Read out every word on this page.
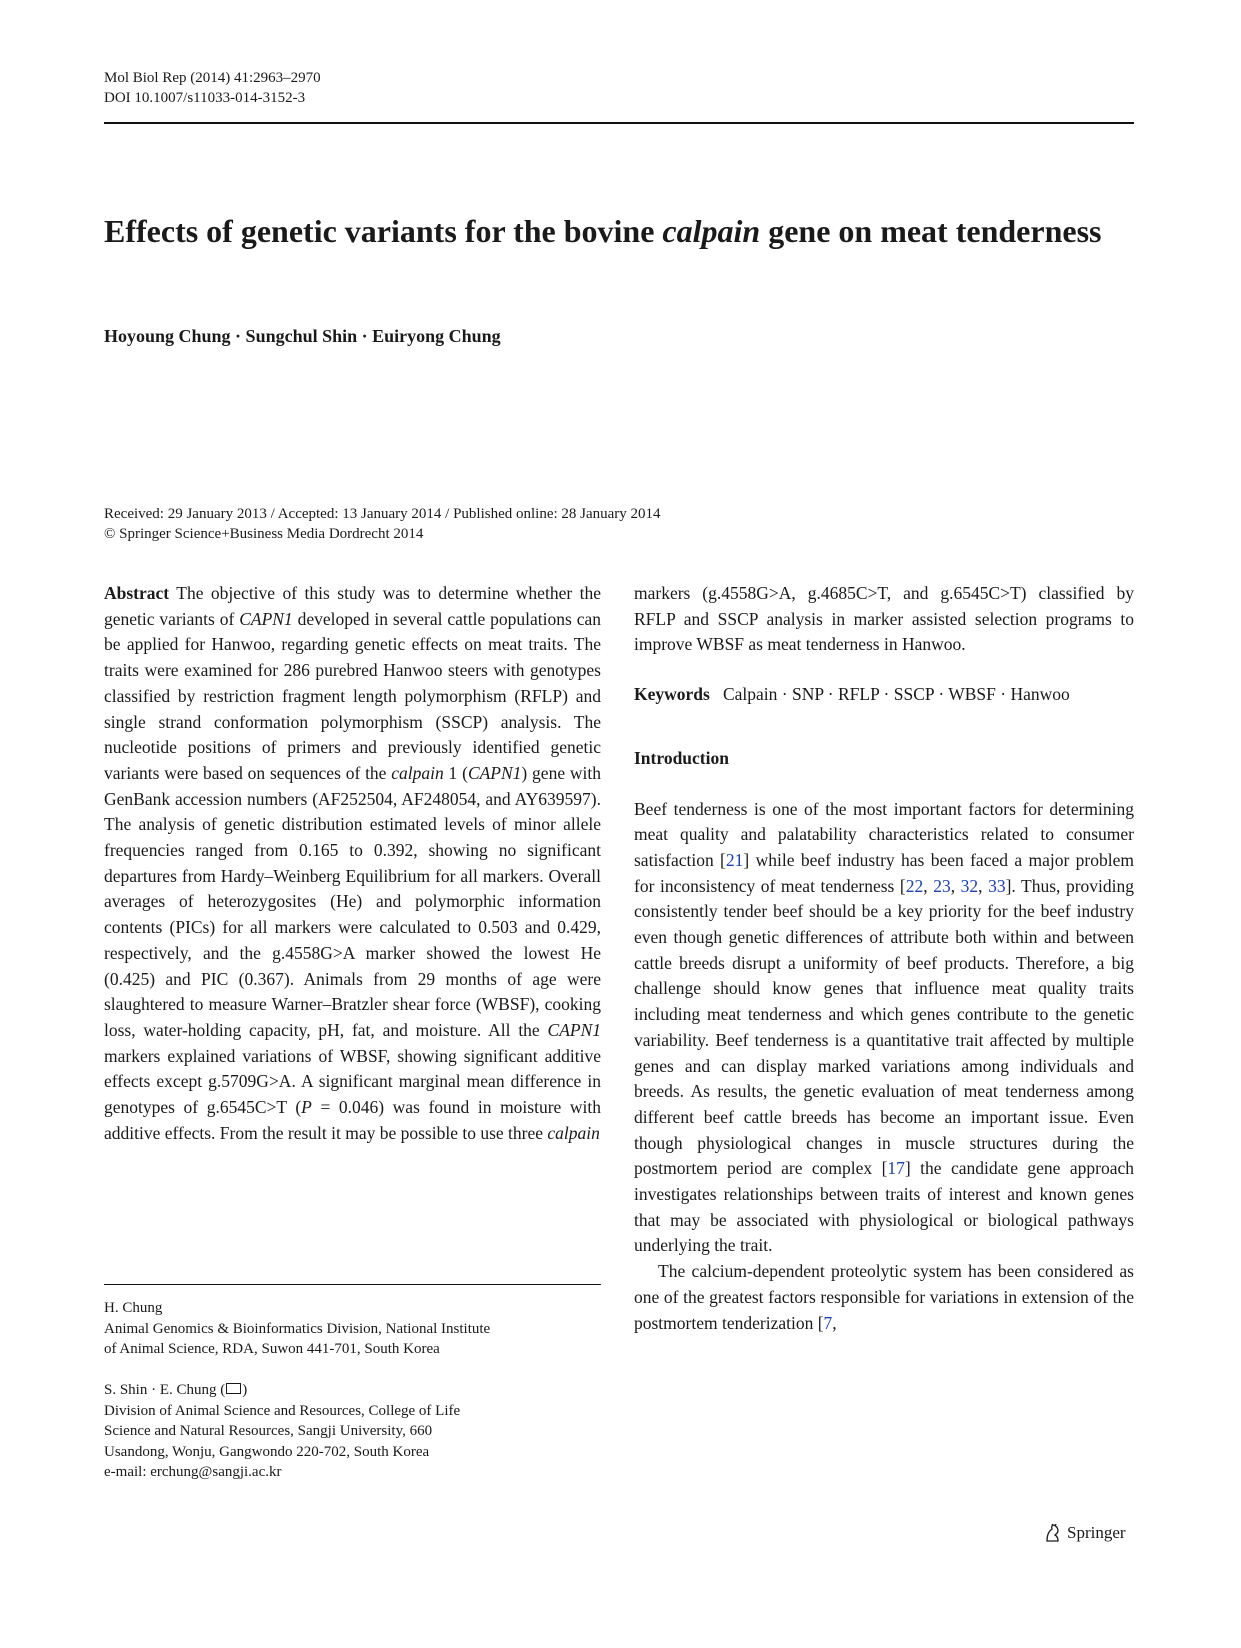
Mol Biol Rep (2014) 41:2963–2970
DOI 10.1007/s11033-014-3152-3
Effects of genetic variants for the bovine calpain gene on meat tenderness
Hoyoung Chung · Sungchul Shin · Euiryong Chung
Received: 29 January 2013 / Accepted: 13 January 2014 / Published online: 28 January 2014
© Springer Science+Business Media Dordrecht 2014

Abstract The objective of this study was to determine whether the genetic variants of CAPN1 developed in several cattle populations can be applied for Hanwoo, regarding genetic effects on meat traits. The traits were examined for 286 purebred Hanwoo steers with genotypes classified by restriction fragment length polymorphism (RFLP) and single strand conformation polymorphism (SSCP) analysis. The nucleotide positions of primers and previously identified genetic variants were based on sequences of the calpain 1 (CAPN1) gene with GenBank accession numbers (AF252504, AF248054, and AY639597). The analysis of genetic distribution estimated levels of minor allele frequencies ranged from 0.165 to 0.392, showing no significant departures from Hardy–Weinberg Equilibrium for all markers. Overall averages of heterozygosites (He) and polymorphic information contents (PICs) for all markers were calculated to 0.503 and 0.429, respectively, and the g.4558G>A marker showed the lowest He (0.425) and PIC (0.367). Animals from 29 months of age were slaughtered to measure Warner–Bratzler shear force (WBSF), cooking loss, water-holding capacity, pH, fat, and moisture. All the CAPN1 markers explained variations of WBSF, showing significant additive effects except g.5709G>A. A significant marginal mean difference in genotypes of g.6545C>T (P = 0.046) was found in moisture with additive effects. From the result it may be possible to use three calpain

markers (g.4558G>A, g.4685C>T, and g.6545C>T) classified by RFLP and SSCP analysis in marker assisted selection programs to improve WBSF as meat tenderness in Hanwoo.

Keywords Calpain · SNP · RFLP · SSCP · WBSF · Hanwoo

Introduction

Beef tenderness is one of the most important factors for determining meat quality and palatability characteristics related to consumer satisfaction [21] while beef industry has been faced a major problem for inconsistency of meat tenderness [22, 23, 32, 33]. Thus, providing consistently tender beef should be a key priority for the beef industry even though genetic differences of attribute both within and between cattle breeds disrupt a uniformity of beef products. Therefore, a big challenge should know genes that influence meat quality traits including meat tenderness and which genes contribute to the genetic variability. Beef tenderness is a quantitative trait affected by multiple genes and can display marked variations among individuals and breeds. As results, the genetic evaluation of meat tenderness among different beef cattle breeds has become an important issue. Even though physiological changes in muscle structures during the postmortem period are complex [17] the candidate gene approach investigates relationships between traits of interest and known genes that may be associated with physiological or biological pathways underlying the trait.

The calcium-dependent proteolytic system has been considered as one of the greatest factors responsible for variations in extension of the postmortem tenderization [7,

H. Chung

Animal Genomics & Bioinformatics Division, National Institute

of Animal Science, RDA, Suwon 441-701, South Korea

S. Shin · E. Chung ( )

Division of Animal Science and Resources, College of Life

Science and Natural Resources, Sangji University, 660

Usandong, Wonju, Gangwondo 220-702, South Korea

e-mail: erchung@sangji.ac.kr

Springer
